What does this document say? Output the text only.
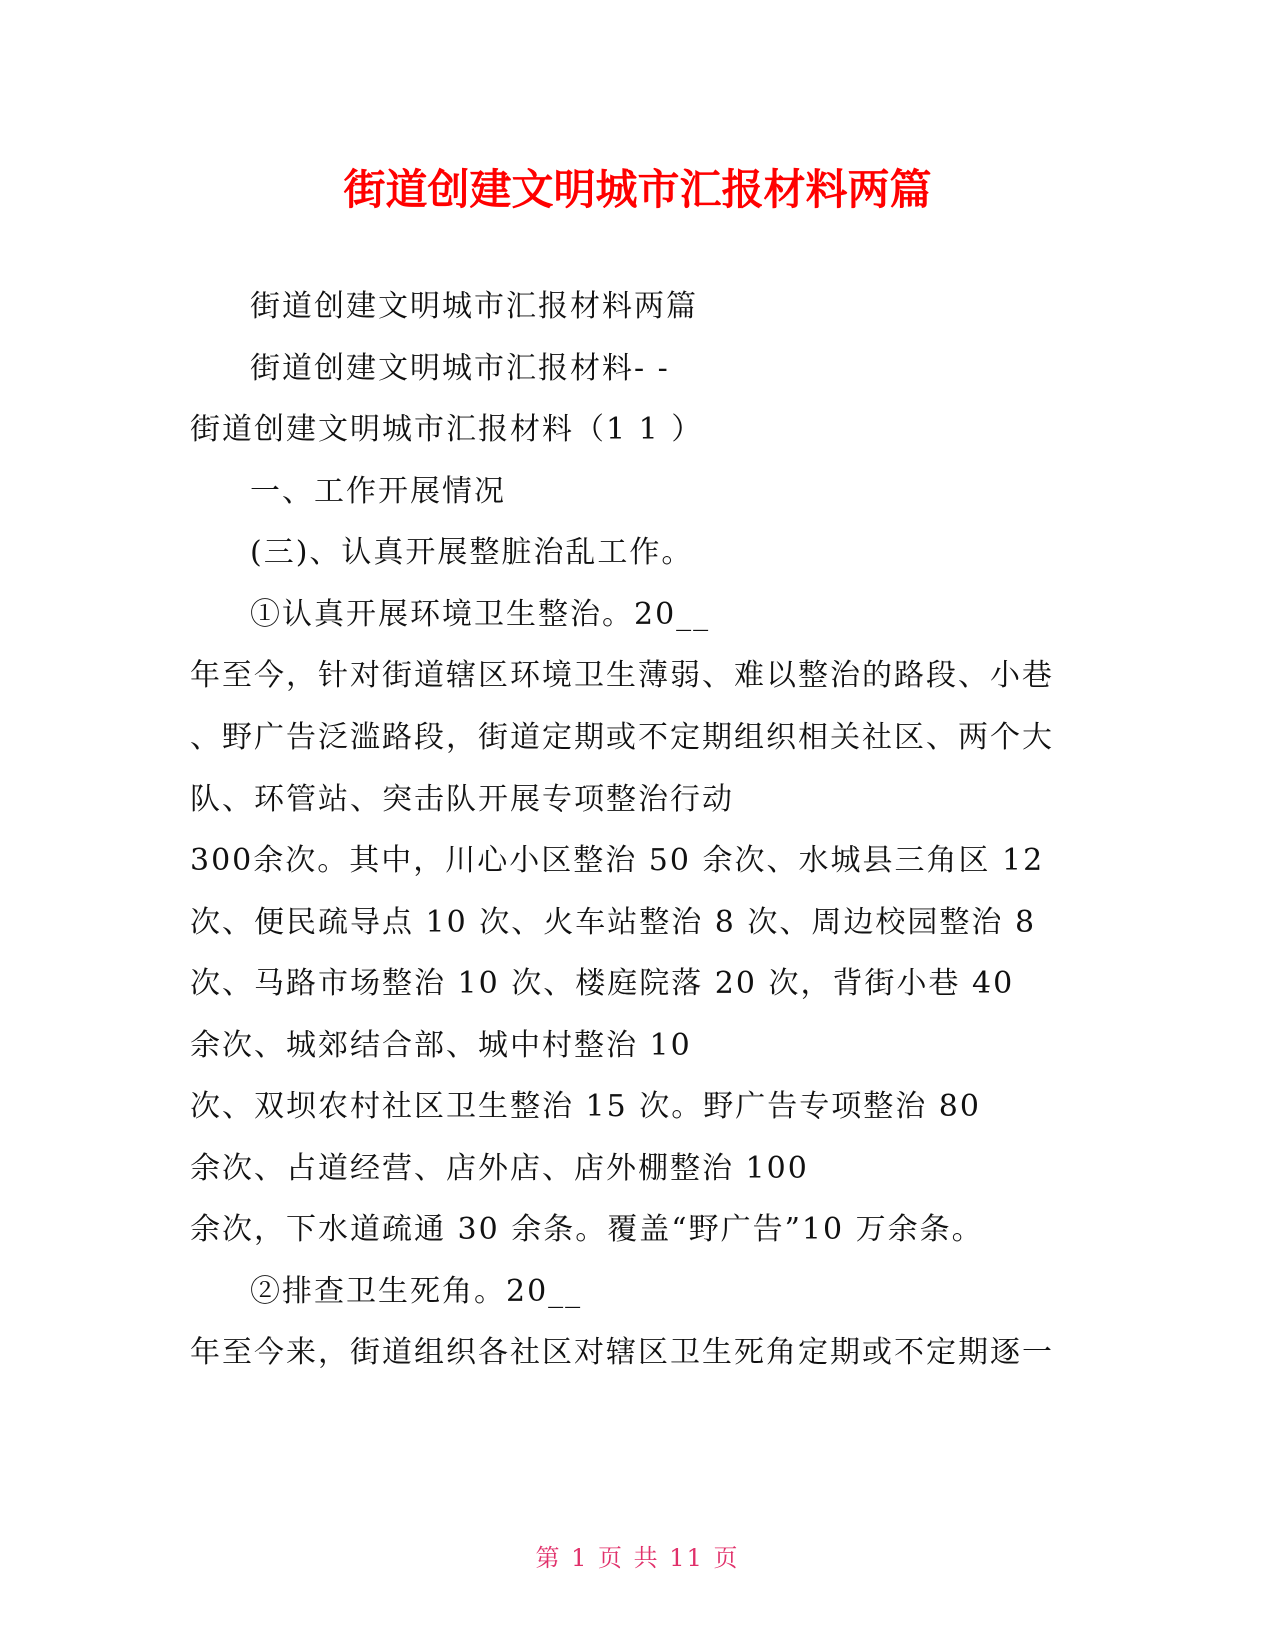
街道创建文明城市汇报材料两篇
街道创建文明城市汇报材料两篇
街道创建文明城市汇报材料- -
街道创建文明城市汇报材料（1 1 ）
一、工作开展情况
(三)、认真开展整脏治乱工作。
①认真开展环境卫生整治。20__
年至今，针对街道辖区环境卫生薄弱、难以整治的路段、小巷
、野广告泛滥路段，街道定期或不定期组织相关社区、两个大
队、环管站、突击队开展专项整治行动
300余次。其中，川心小区整治 50 余次、水城县三角区 12
次、便民疏导点 10 次、火车站整治 8 次、周边校园整治 8
次、马路市场整治 10 次、楼庭院落 20 次，背街小巷 40
余次、城郊结合部、城中村整治 10
次、双坝农村社区卫生整治 15 次。野广告专项整治 80
余次、占道经营、店外店、店外棚整治 100
余次，下水道疏通 30 余条。覆盖“野广告”10 万余条。
②排查卫生死角。20__
年至今来，街道组织各社区对辖区卫生死角定期或不定期逐一
第 1 页 共 11 页
